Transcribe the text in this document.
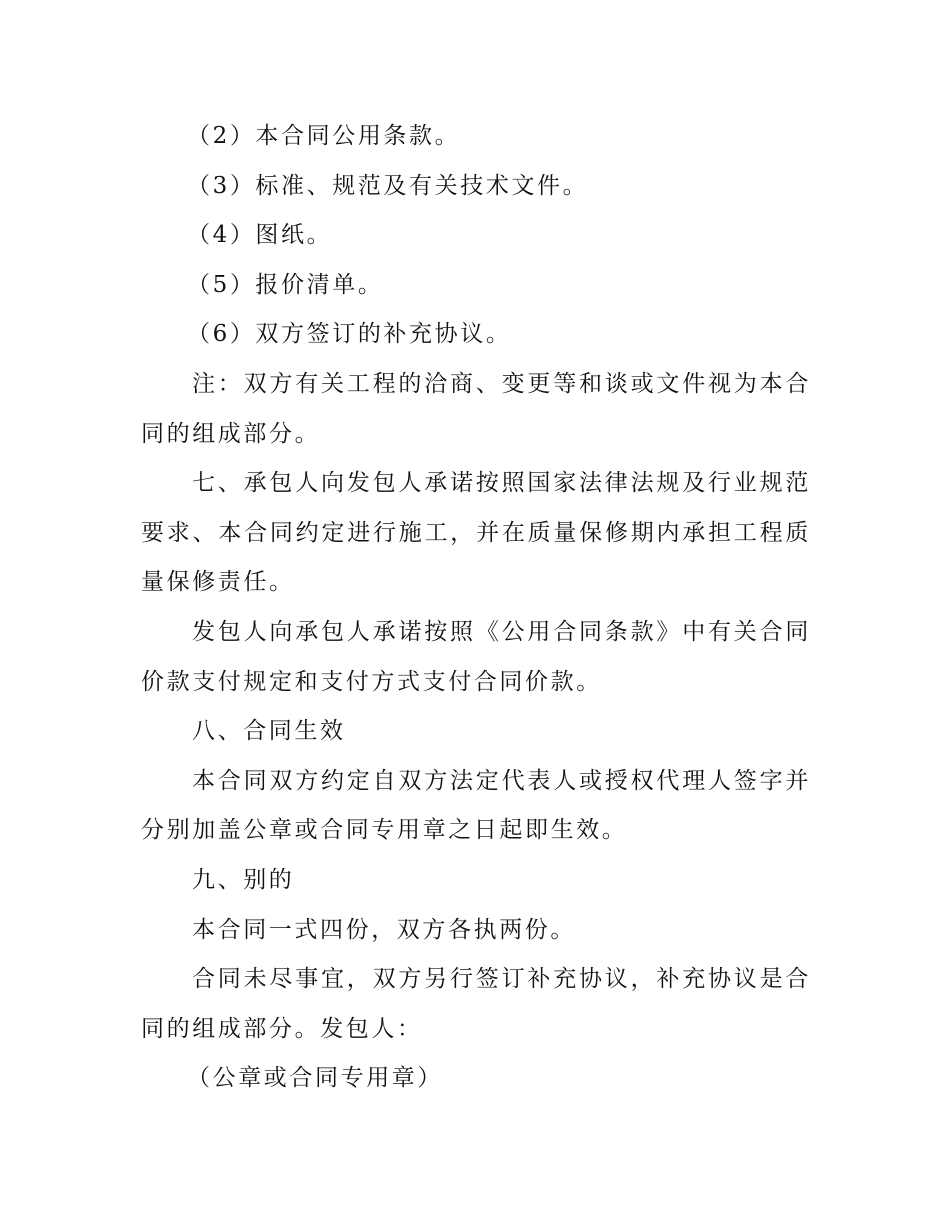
（2）本合同公用条款。

（3）标准、规范及有关技术文件。

（4）图纸。

（5）报价清单。

（6）双方签订的补充协议。

注：双方有关工程的洽商、变更等和谈或文件视为本合同的组成部分。

七、承包人向发包人承诺按照国家法律法规及行业规范要求、本合同约定进行施工，并在质量保修期内承担工程质量保修责任。

发包人向承包人承诺按照《公用合同条款》中有关合同价款支付规定和支付方式支付合同价款。

八、合同生效

本合同双方约定自双方法定代表人或授权代理人签字并分别加盖公章或合同专用章之日起即生效。

九、别的

本合同一式四份，双方各执两份。

合同未尽事宜，双方另行签订补充协议，补充协议是合同的组成部分。发包人：

（公章或合同专用章）
